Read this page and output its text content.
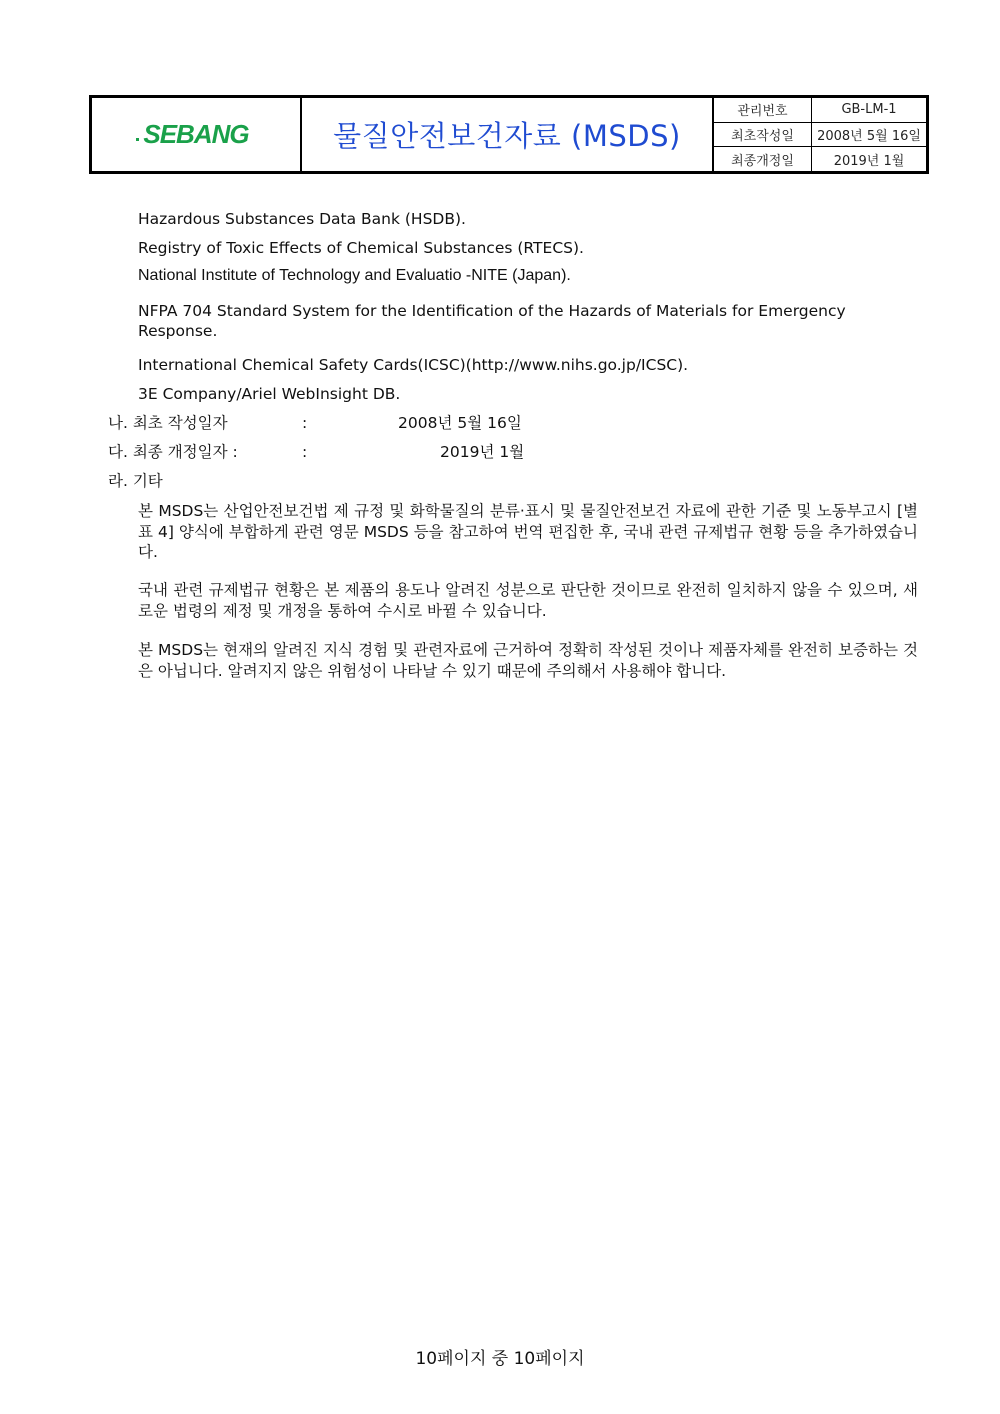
SEBANG	물질안전보건자료 (MSDS)
관리번호	GB-LM-1
최초작성일	2008년 5월 16일
최종개정일	2019년 1월
Hazardous Substances Data Bank (HSDB).
Registry of Toxic Effects of Chemical Substances (RTECS).
National Institute of Technology and Evaluatio -NITE (Japan).
NFPA 704 Standard System for the Identification of the Hazards of Materials for Emergency
Response.
International Chemical Safety Cards(ICSC)(http://www.nihs.go.jp/ICSC).
3E Company/Ariel WebInsight DB.
나. 최초 작성일자	:	2008년 5월 16일
다. 최종 개정일자 :	:	2019년 1월
라. 기타
본 MSDS는 산업안전보건법 제 규정 및 화학물질의 분류·표시 및 물질안전보건 자료에 관한 기준 및 노동부고시 [별표 4] 양식에 부합하게 관련 영문 MSDS 등을 참고하여 번역 편집한 후, 국내 관련 규제법규 현황 등을 추가하였습니다.
국내 관련 규제법규 현황은 본 제품의 용도나 알려진 성분으로 판단한 것이므로 완전히 일치하지 않을 수 있으며, 새로운 법령의 제정 및 개정을 통하여 수시로 바뀔 수 있습니다.
본 MSDS는 현재의 알려진 지식 경험 및 관련자료에 근거하여 정확히 작성된 것이나 제품자체를 완전히 보증하는 것은 아닙니다. 알려지지 않은 위험성이 나타날 수 있기 때문에 주의해서 사용해야 합니다.
10페이지 중 10페이지
